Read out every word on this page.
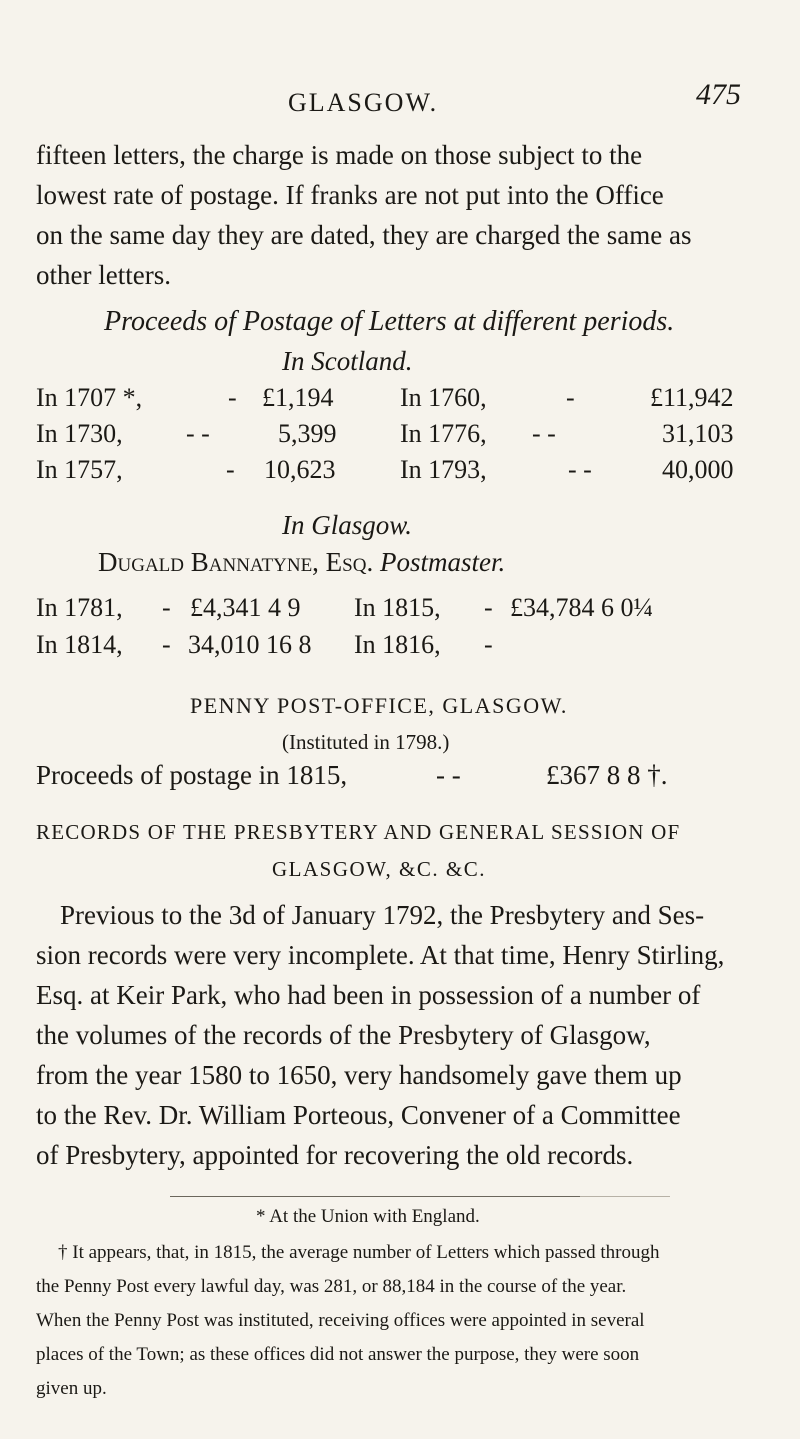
GLASGOW.	475
fifteen letters, the charge is made on those subject to the
lowest rate of postage. If franks are not put into the Office
on the same day they are dated, they are charged the same as
other letters.
Proceeds of Postage of Letters at different periods.
In Scotland.
In 1707 *,	- £1,194	In 1760,	-	£11,942
In 1730, - -	5,399 In 1776, - -	31,103
In 1757,	- 10,623 In 1793,	- -	40,000
In Glasgow.
Dugald Bannatyne, Esq. Postmaster.
In 1781, - £4,341 4 9 In 1815, - £34,784 6 0¼
In 1814, - 34,010 16 8 In 1816, -
PENNY POST-OFFICE, GLASGOW.
(Instituted in 1798.)
Proceeds of postage in 1815,	- -	£367 8 8 †.
RECORDS OF THE PRESBYTERY AND GENERAL SESSION OF
GLASGOW, &C. &C.
Previous to the 3d of January 1792, the Presbytery and Ses-
sion records were very incomplete. At that time, Henry Stirling,
Esq. at Keir Park, who had been in possession of a number of
the volumes of the records of the Presbytery of Glasgow,
from the year 1580 to 1650, very handsomely gave them up
to the Rev. Dr. William Porteous, Convener of a Committee
of Presbytery, appointed for recovering the old records.
* At the Union with England.
† It appears, that, in 1815, the average number of Letters which passed through
the Penny Post every lawful day, was 281, or 88,184 in the course of the year.
When the Penny Post was instituted, receiving offices were appointed in several
places of the Town; as these offices did not answer the purpose, they were soon
given up.
